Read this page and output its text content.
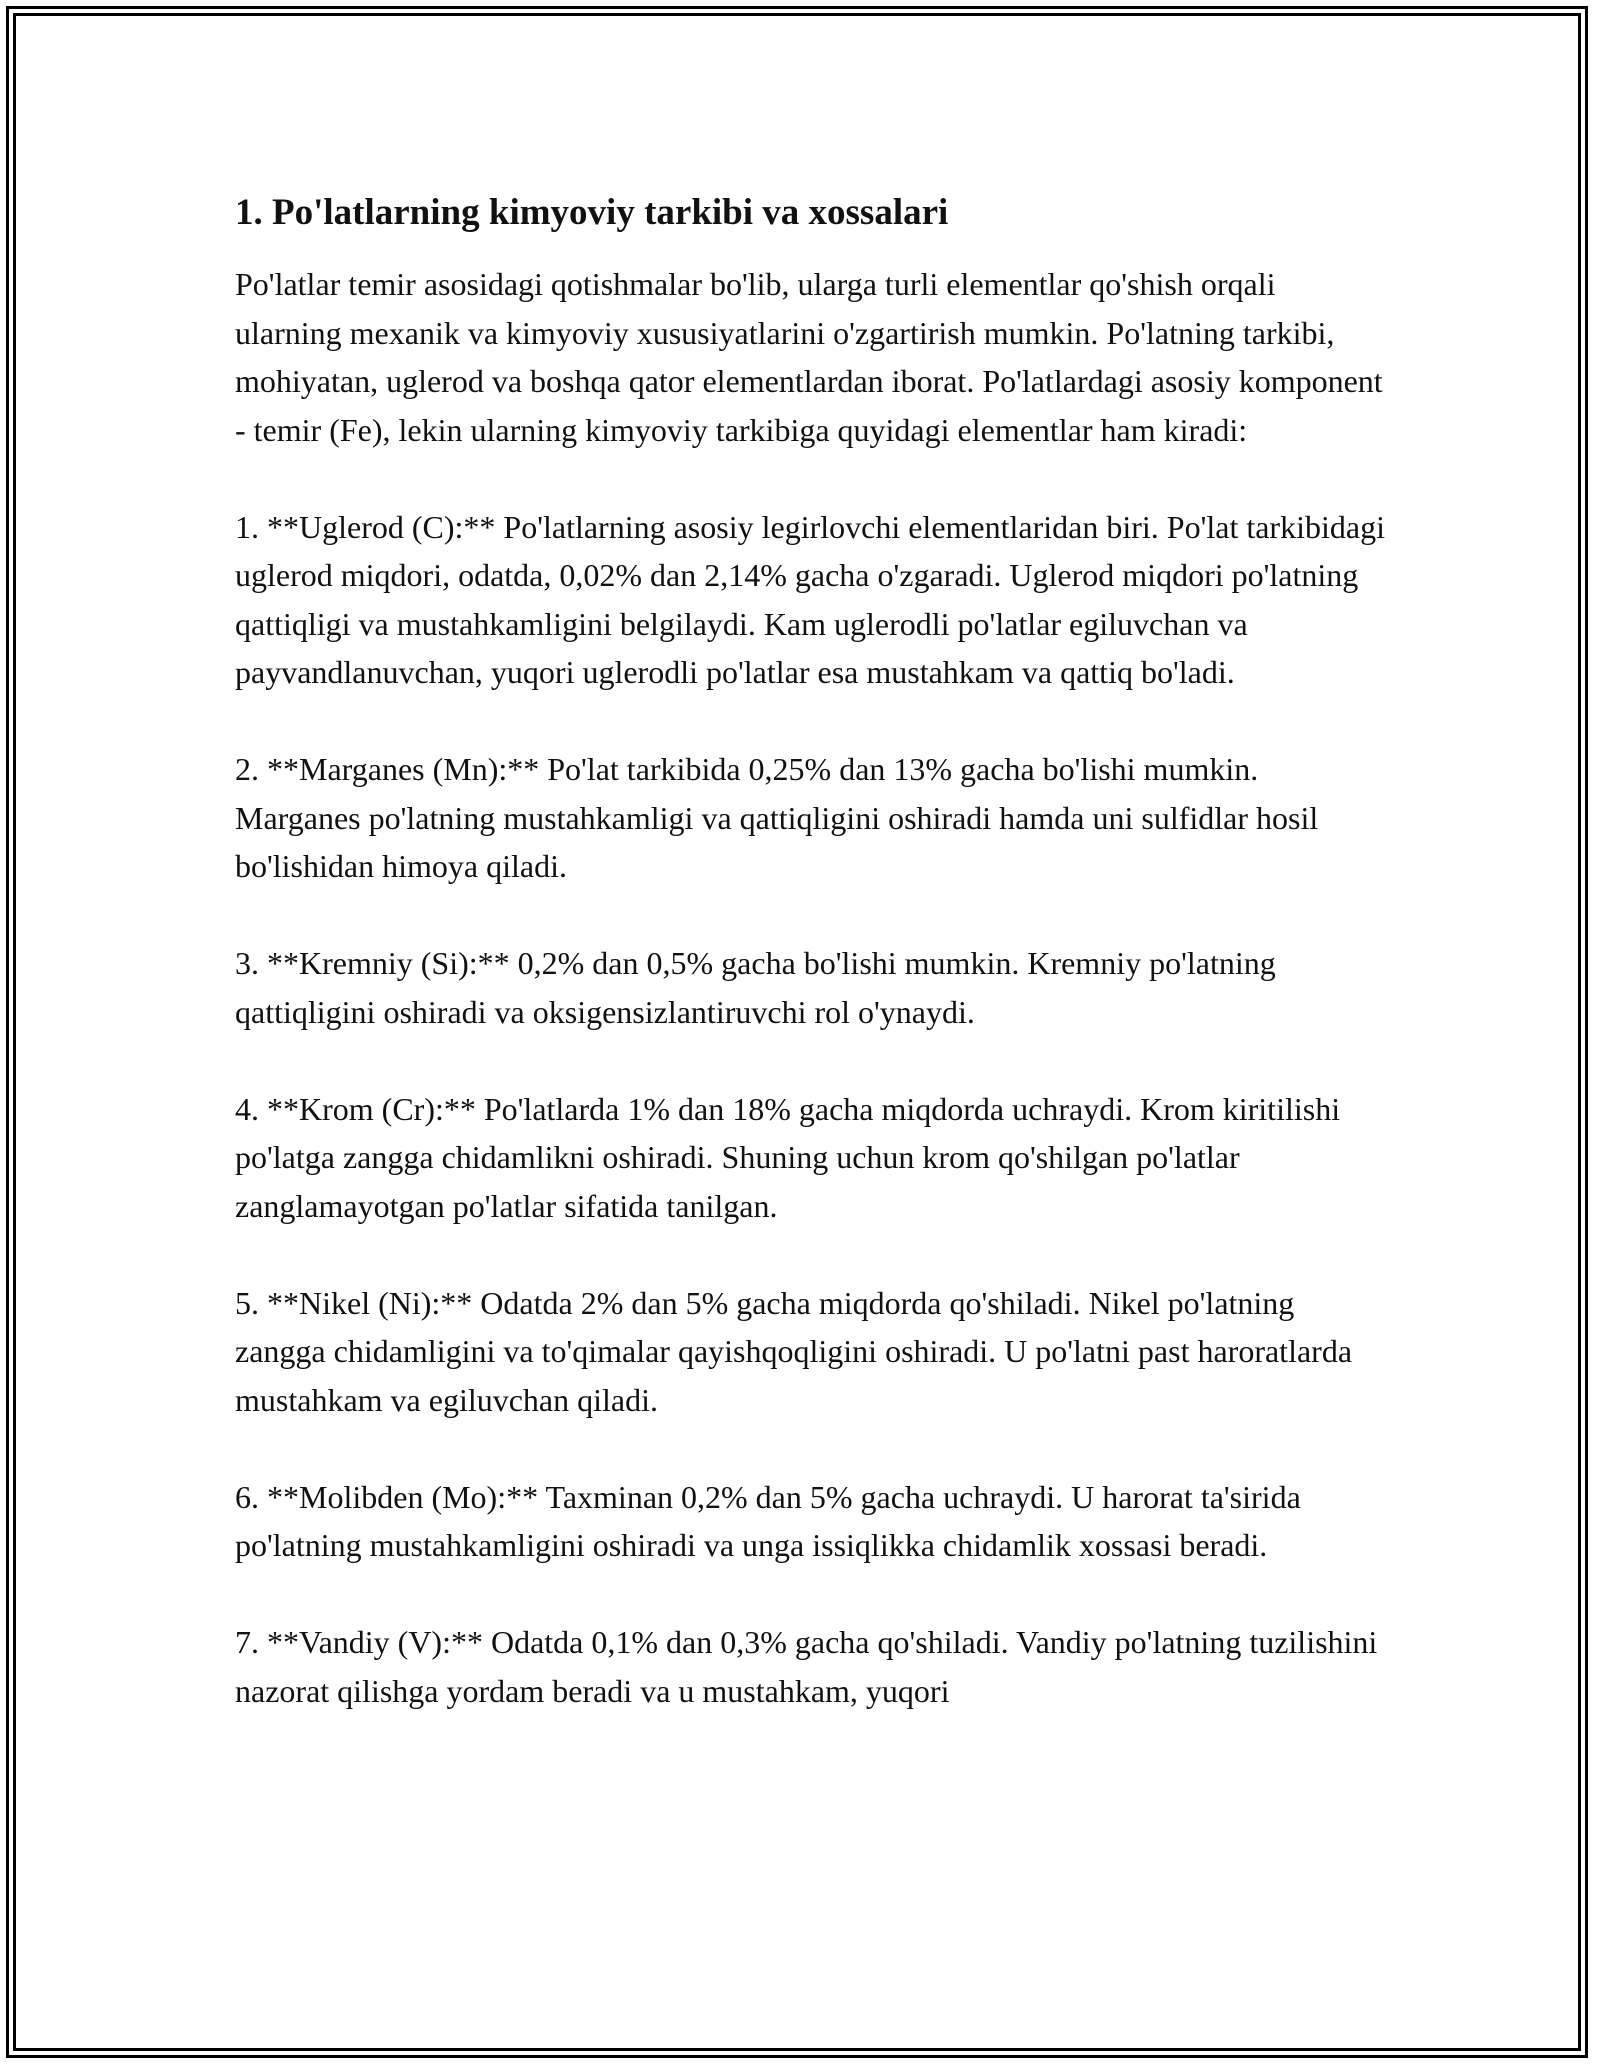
1. Po'latlarning kimyoviy tarkibi va xossalari

Po'latlar temir asosidagi qotishmalar bo'lib, ularga turli elementlar qo'shish orqali ularning mexanik va kimyoviy xususiyatlarini o'zgartirish mumkin. Po'latning tarkibi, mohiyatan, uglerod va boshqa qator elementlardan iborat. Po'latlardagi asosiy komponent - temir (Fe), lekin ularning kimyoviy tarkibiga quyidagi elementlar ham kiradi:

1. **Uglerod (C):** Po'latlarning asosiy legirlovchi elementlaridan biri. Po'lat tarkibidagi uglerod miqdori, odatda, 0,02% dan 2,14% gacha o'zgaradi. Uglerod miqdori po'latning qattiqligi va mustahkamligini belgilaydi. Kam uglerodli po'latlar egiluvchan va payvandlanuvchan, yuqori uglerodli po'latlar esa mustahkam va qattiq bo'ladi.

2. **Marganes (Mn):** Po'lat tarkibida 0,25% dan 13% gacha bo'lishi mumkin. Marganes po'latning mustahkamligi va qattiqligini oshiradi hamda uni sulfidlar hosil bo'lishidan himoya qiladi.

3. **Kremniy (Si):** 0,2% dan 0,5% gacha bo'lishi mumkin. Kremniy po'latning qattiqligini oshiradi va oksigensizlantiruvchi rol o'ynaydi.

4. **Krom (Cr):** Po'latlarda 1% dan 18% gacha miqdorda uchraydi. Krom kiritilishi po'latga zangga chidamlikni oshiradi. Shuning uchun krom qo'shilgan po'latlar zanglamayotgan po'latlar sifatida tanilgan.

5. **Nikel (Ni):** Odatda 2% dan 5% gacha miqdorda qo'shiladi. Nikel po'latning zangga chidamligini va to'qimalar qayishqoqligini oshiradi. U po'latni past haroratlarda mustahkam va egiluvchan qiladi.

6. **Molibden (Mo):** Taxminan 0,2% dan 5% gacha uchraydi. U harorat ta'sirida po'latning mustahkamligini oshiradi va unga issiqlikka chidamlik xossasi beradi.

7. **Vandiy (V):** Odatda 0,1% dan 0,3% gacha qo'shiladi. Vandiy po'latning tuzilishini nazorat qilishga yordam beradi va u mustahkam, yuqori
